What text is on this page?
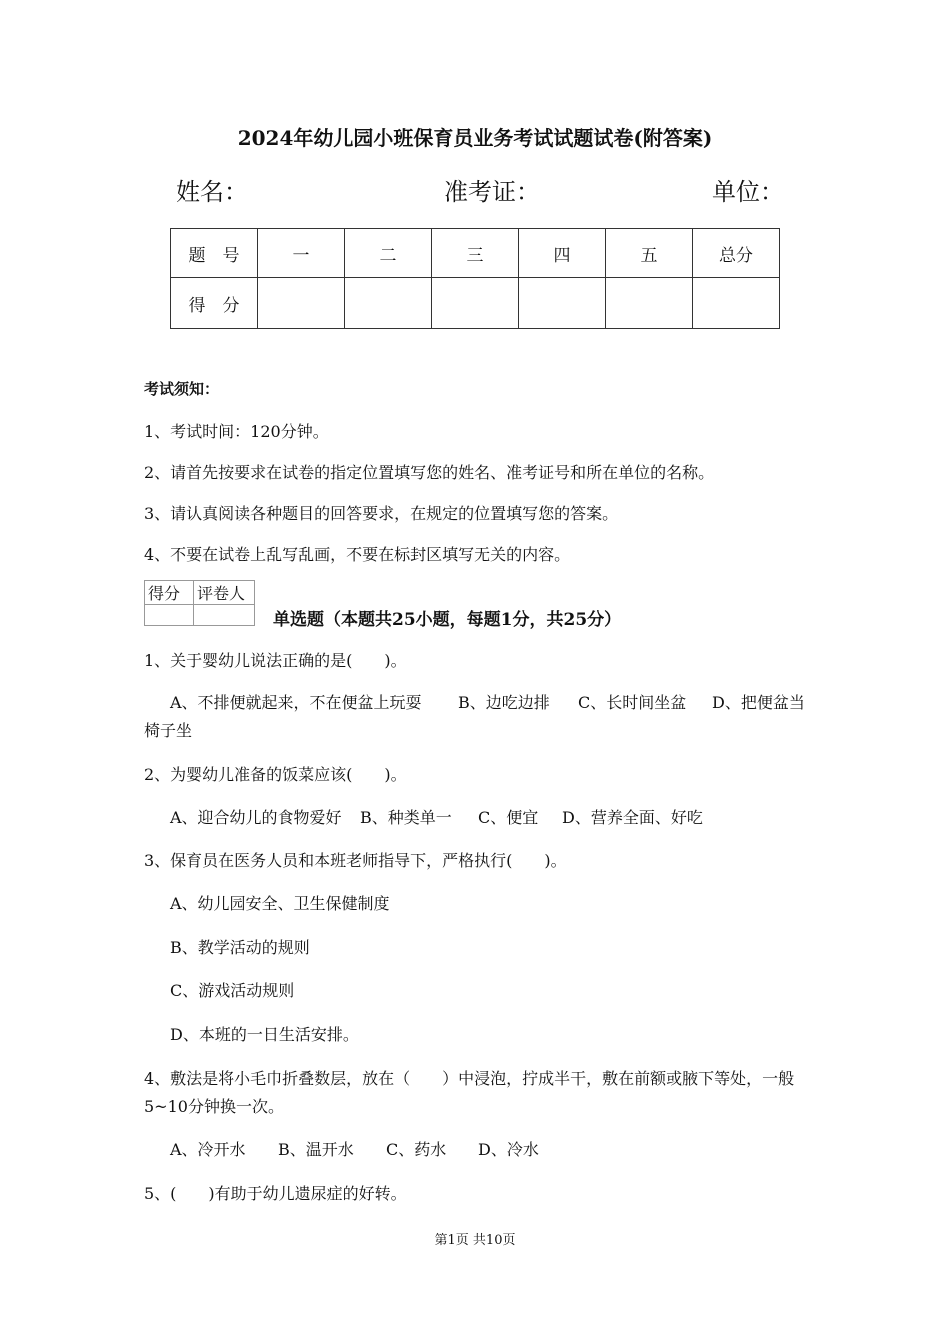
2024年幼儿园小班保育员业务考试试题试卷(附答案)
姓名：	准考证：	单位：
题　号	一	二	三	四	五	总分
得　分						
考试须知：
1、考试时间：120分钟。
2、请首先按要求在试卷的指定位置填写您的姓名、准考证号和所在单位的名称。
3、请认真阅读各种题目的回答要求，在规定的位置填写您的答案。
4、不要在试卷上乱写乱画，不要在标封区填写无关的内容。
得分	评卷人

单选题（本题共25小题，每题1分，共25分）
1、关于婴幼儿说法正确的是(　　)。
A、不排便就起来，不在便盆上玩耍 B、边吃边排 C、长时间坐盆 D、把便盆当
椅子坐
2、为婴幼儿准备的饭菜应该(　　)。
A、迎合幼儿的食物爱好 B、种类单一 C、便宜 D、营养全面、好吃
3、保育员在医务人员和本班老师指导下，严格执行(　　)。
A、幼儿园安全、卫生保健制度
B、教学活动的规则
C、游戏活动规则
D、本班的一日生活安排。
4、敷法是将小毛巾折叠数层，放在（　　）中浸泡，拧成半干，敷在前额或腋下等处，一般
5~10分钟换一次。
A、冷开水 B、温开水 C、药水 D、冷水
5、(　　)有助于幼儿遗尿症的好转。
第1页 共10页
